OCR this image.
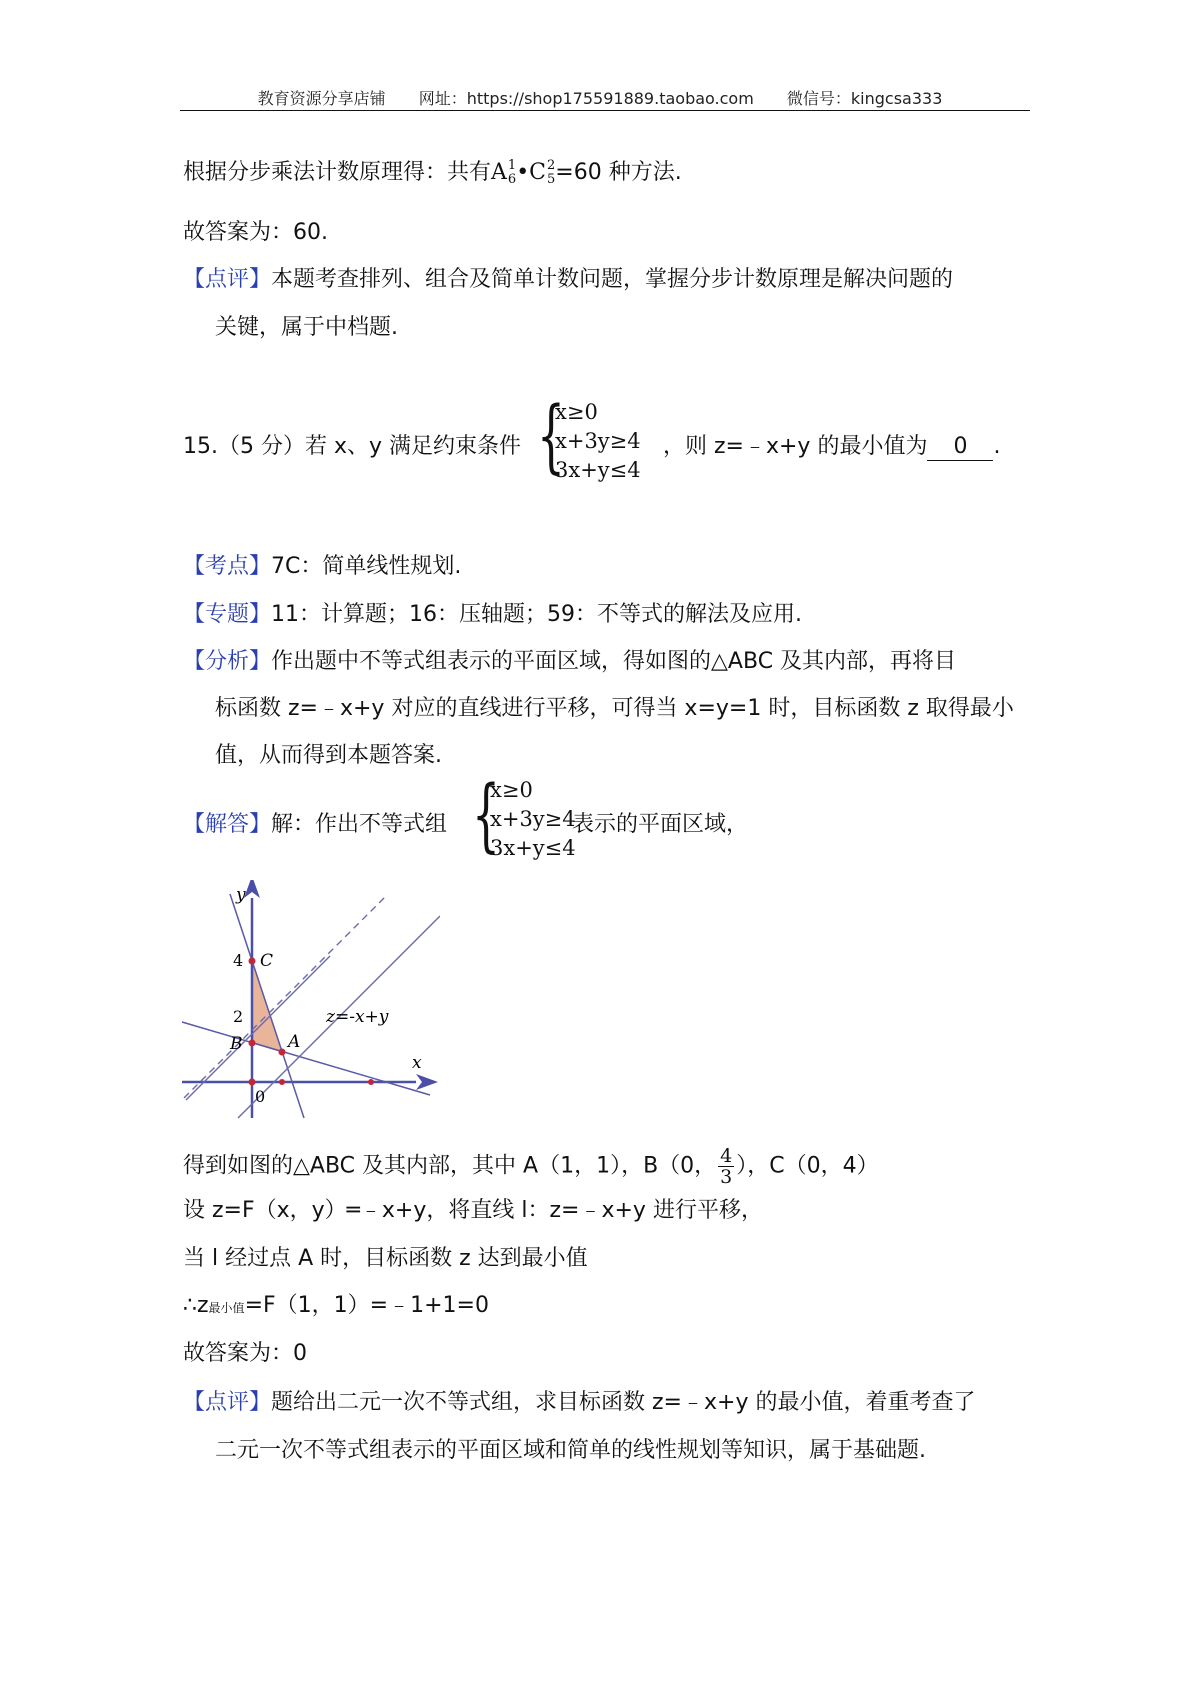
教育资源分享店铺 网址：https://shop175591889.taobao.com 微信号：kingcsa333
根据分步乘法计数原理得：共有A 1
6 •C 2
5 =60 种方法.
故答案为：60.
【点评】本题考查排列、组合及简单计数问题，掌握分步计数原理是解决问题的
关键，属于中档题.
15.（5 分）若 x、y 满足约束条件 {
x≥0
x+3y≥4
3x+y≤4
，则 z=﹣x+y 的最小值为 0 .
【考点】7C：简单线性规划.
【专题】11：计算题；16：压轴题；59：不等式的解法及应用.
【分析】作出题中不等式组表示的平面区域，得如图的△ABC 及其内部，再将目
标函数 z=﹣x+y 对应的直线进行平移，可得当 x=y=1 时，目标函数 z 取得最小
值，从而得到本题答案.
【解答】解：作出不等式组 {
x≥0
x+3y≥4
3x+y≤4
表示的平面区域，
4
2
0
C
B	A
x
y
z=-x+y
得到如图的△ABC 及其内部，其中 A（1，1），B（0， $\frac{4}{3}$ ），C（0，4）
设 z=F（x，y）═﹣x+y，将直线 l：z=﹣x+y 进行平移，
当 l 经过点 A 时，目标函数 z 达到最小值
∴z最小值=F（1，1）=﹣1+1=0
故答案为：0
【点评】题给出二元一次不等式组，求目标函数 z=﹣x+y 的最小值，着重考查了
二元一次不等式组表示的平面区域和简单的线性规划等知识，属于基础题.
